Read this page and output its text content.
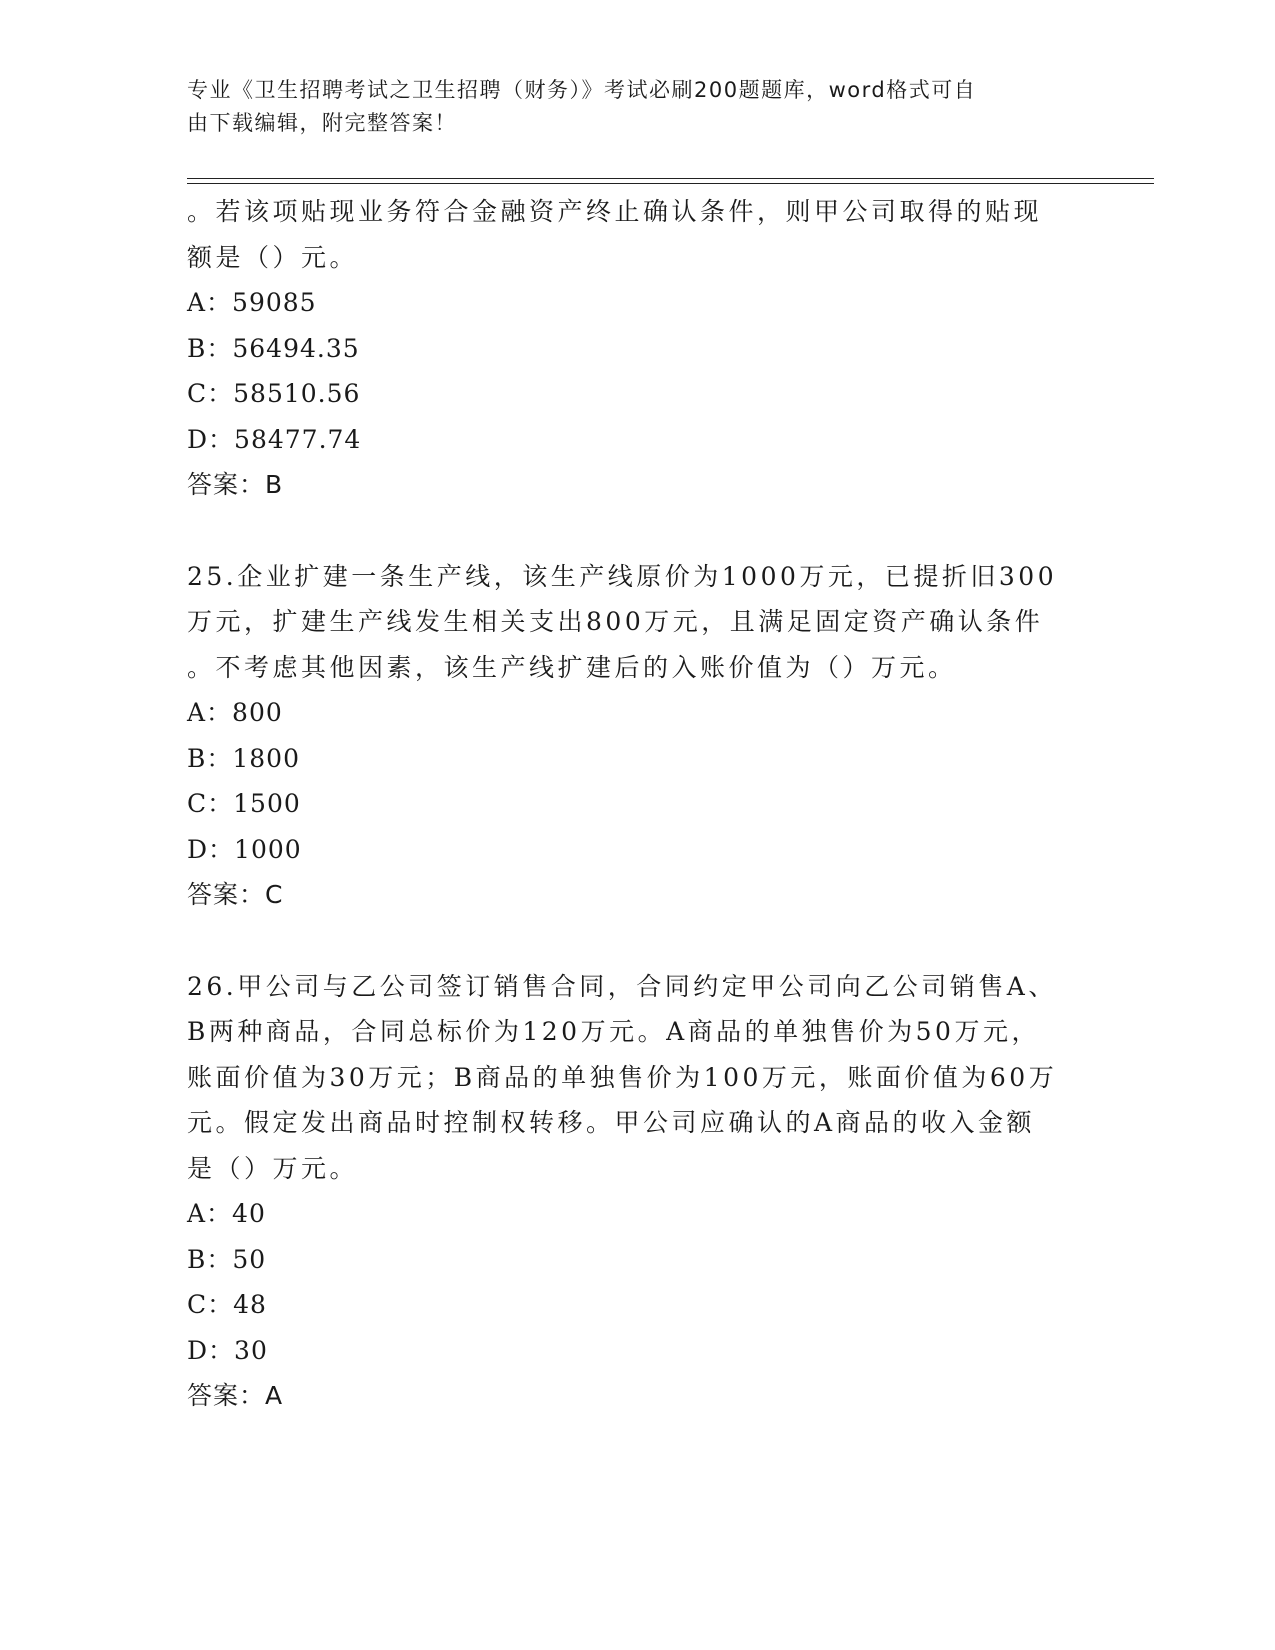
专业《卫生招聘考试之卫生招聘（财务）》考试必刷200题题库，word格式可自
由下载编辑，附完整答案！
。若该项贴现业务符合金融资产终止确认条件，则甲公司取得的贴现
额是（）元。
A：59085
B：56494.35
C：58510.56
D：58477.74
答案：B
25.企业扩建一条生产线，该生产线原价为1000万元，已提折旧300
万元，扩建生产线发生相关支出800万元，且满足固定资产确认条件
。不考虑其他因素，该生产线扩建后的入账价值为（）万元。
A：800
B：1800
C：1500
D：1000
答案：C
26.甲公司与乙公司签订销售合同，合同约定甲公司向乙公司销售A、
B两种商品，合同总标价为120万元。A商品的单独售价为50万元，
账面价值为30万元；B商品的单独售价为100万元，账面价值为60万
元。假定发出商品时控制权转移。甲公司应确认的A商品的收入金额
是（）万元。
A：40
B：50
C：48
D：30
答案：A
